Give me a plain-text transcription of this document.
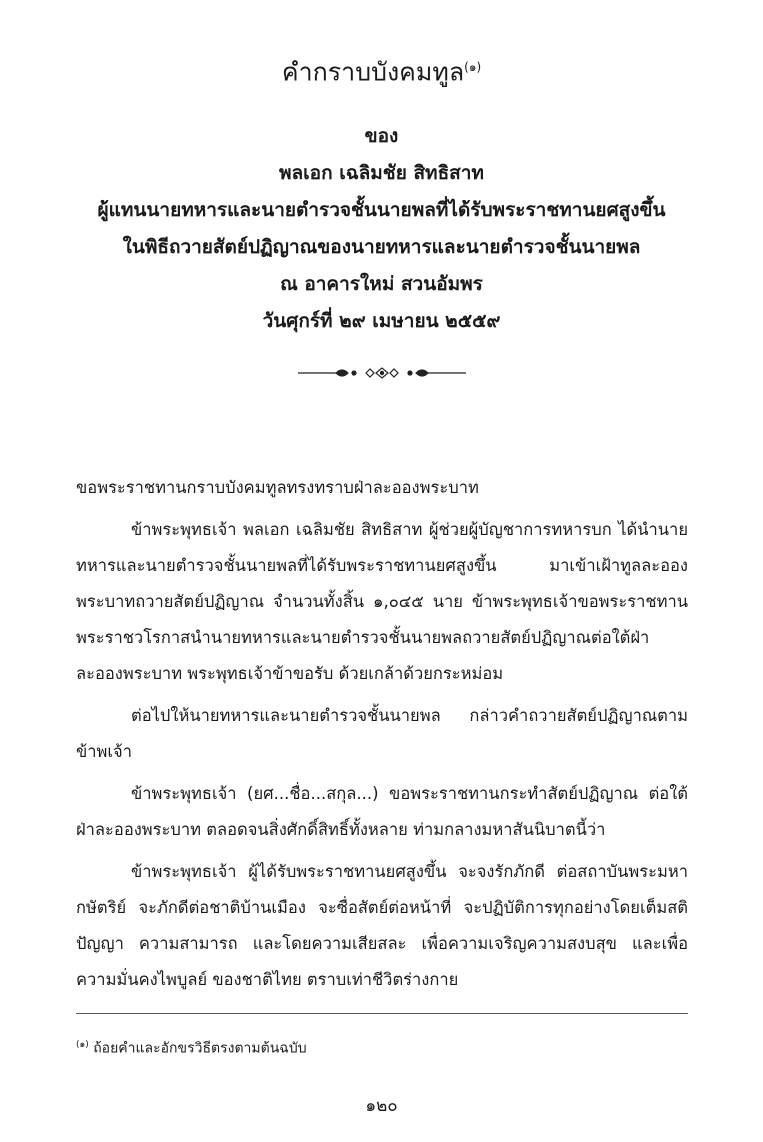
คำกราบบังคมทูล$^{(๑)}$

ของ

พลเอก เฉลิมชัย สิทธิสาท

ผู้แทนนายทหารและนายตำรวจชั้นนายพลที่ได้รับพระราชทานยศสูงขึ้น

ในพิธีถวายสัตย์ปฏิญาณของนายทหารและนายตำรวจชั้นนายพล

ณ อาคารใหม่ สวนอัมพร

วันศุกร์ที่ ๒๙ เมษายน ๒๕๕๙

ขอพระราชทานกราบบังคมทูลทรงทราบฝ่าละอองพระบาท

ข้าพระพุทธเจ้า พลเอก เฉลิมชัย สิทธิสาท ผู้ช่วยผู้บัญชาการทหารบก ได้นำนายทหารและนายตำรวจชั้นนายพลที่ได้รับพระราชทานยศสูงขึ้น มาเข้าเฝ้าทูลละอองพระบาทถวายสัตย์ปฏิญาณ จำนวนทั้งสิ้น ๑,๐๔๕ นาย ข้าพระพุทธเจ้าขอพระราชทานพระราชวโรกาสนำนายทหารและนายตำรวจชั้นนายพลถวายสัตย์ปฏิญาณต่อใต้ฝ่าละอองพระบาท พระพุทธเจ้าข้าขอรับ ด้วยเกล้าด้วยกระหม่อม

ต่อไปให้นายทหารและนายตำรวจชั้นนายพล กล่าวคำถวายสัตย์ปฏิญาณตามข้าพเจ้า

ข้าพระพุทธเจ้า (ยศ...ชื่อ...สกุล...) ขอพระราชทานกระทำสัตย์ปฏิญาณ ต่อใต้ฝ่าละอองพระบาท ตลอดจนสิ่งศักดิ์สิทธิ์ทั้งหลาย ท่ามกลางมหาสันนิบาตนี้ว่า

ข้าพระพุทธเจ้า ผู้ได้รับพระราชทานยศสูงขึ้น จะจงรักภักดี ต่อสถาบันพระมหากษัตริย์ จะภักดีต่อชาติบ้านเมือง จะซื่อสัตย์ต่อหน้าที่ จะปฏิบัติการทุกอย่างโดยเต็มสติปัญญา ความสามารถ และโดยความเสียสละ เพื่อความเจริญความสงบสุข และเพื่อความมั่นคงไพบูลย์ ของชาติไทย ตราบเท่าชีวิตร่างกาย

$^{(๑)}$ ถ้อยคำและอักขรวิธีตรงตามต้นฉบับ
๑๒๐
